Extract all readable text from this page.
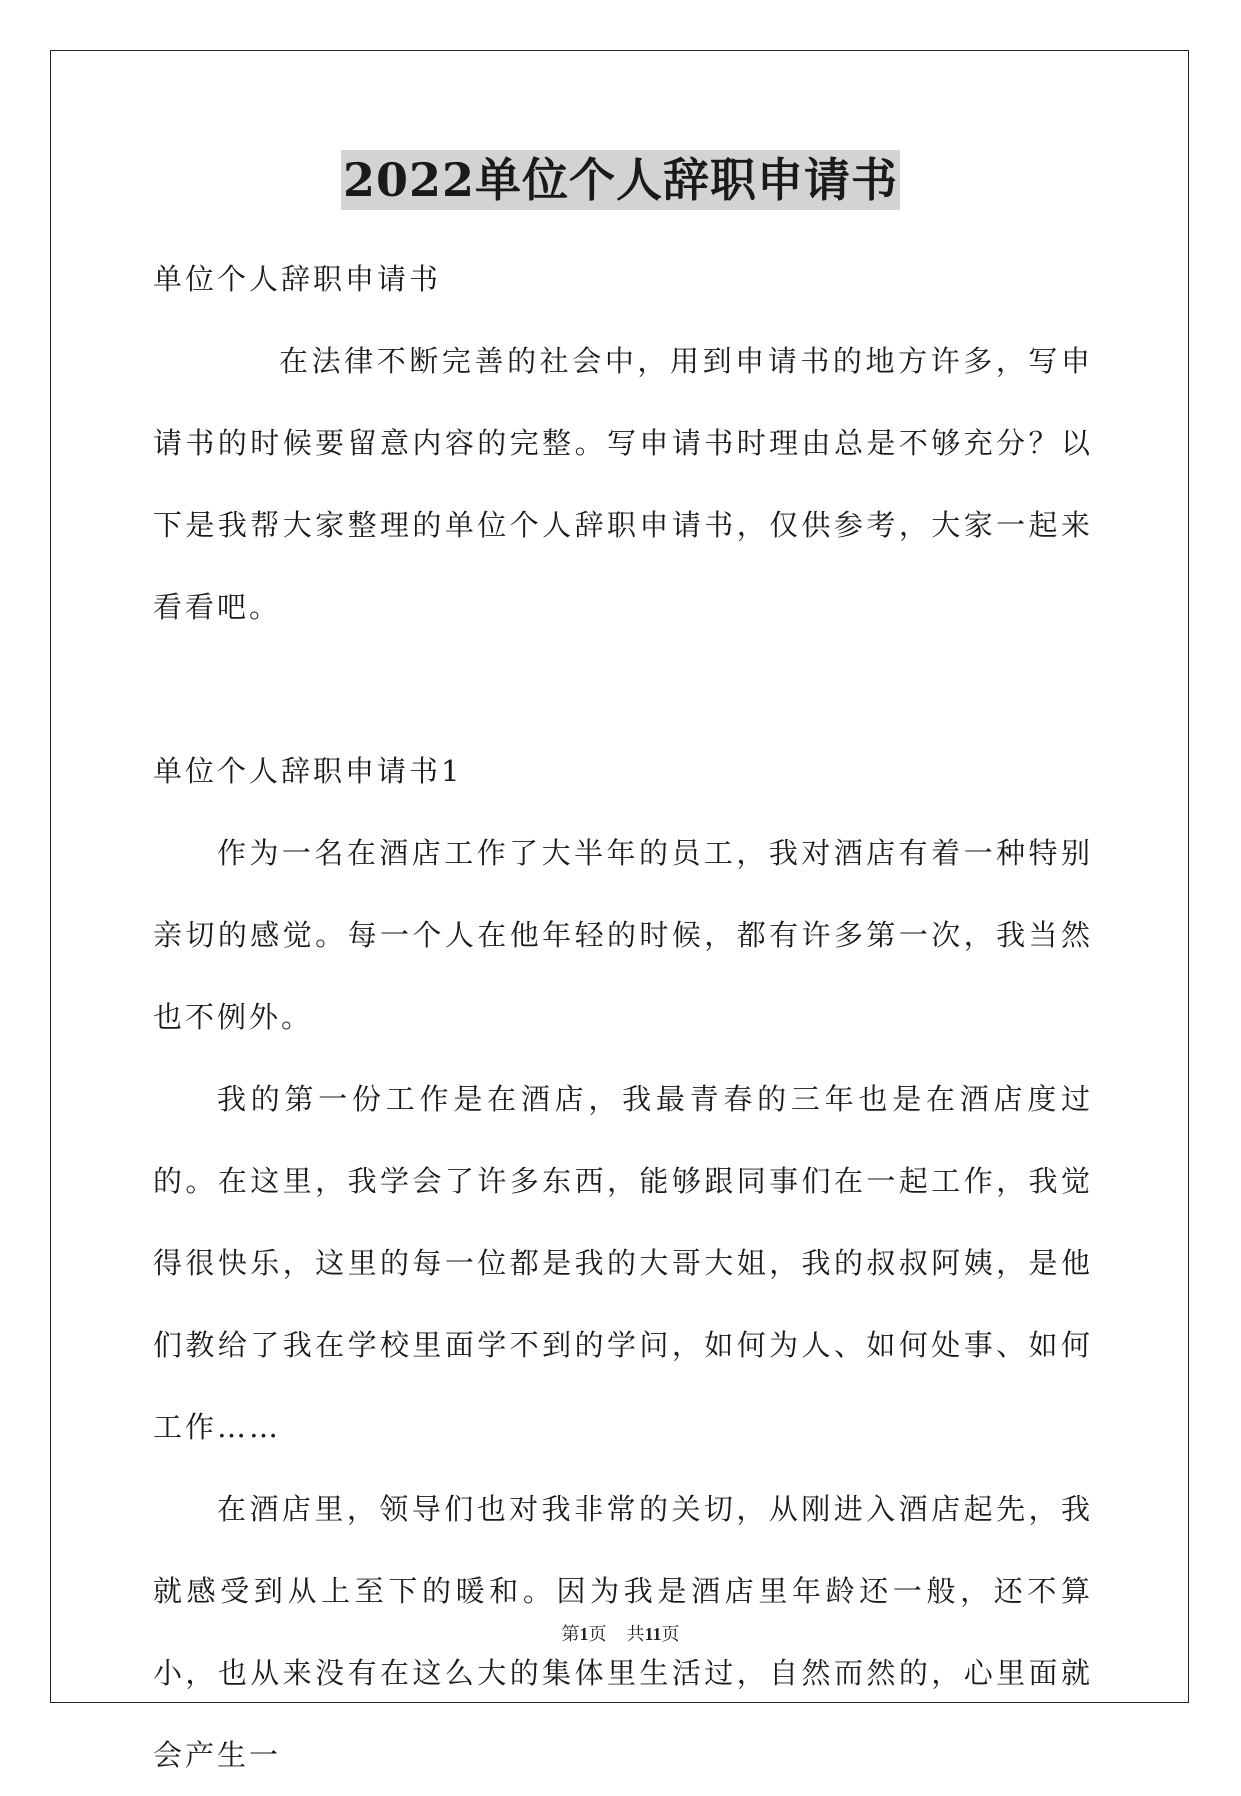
2022单位个人辞职申请书

单位个人辞职申请书

在法律不断完善的社会中，用到申请书的地方许多，写申请书的时候要留意内容的完整。写申请书时理由总是不够充分？以下是我帮大家整理的单位个人辞职申请书，仅供参考，大家一起来看看吧。

单位个人辞职申请书1

作为一名在酒店工作了大半年的员工，我对酒店有着一种特别亲切的感觉。每一个人在他年轻的时候，都有许多第一次，我当然也不例外。

我的第一份工作是在酒店，我最青春的三年也是在酒店度过的。在这里，我学会了许多东西，能够跟同事们在一起工作，我觉得很快乐，这里的每一位都是我的大哥大姐，我的叔叔阿姨，是他们教给了我在学校里面学不到的学问，如何为人、如何处事、如何工作……

在酒店里，领导们也对我非常的关切，从刚进入酒店起先，我就感受到从上至下的暖和。因为我是酒店里年龄还一般，还不算小，也从来没有在这么大的集体里生活过，自然而然的，心里面就会产生一

第1页 共11页
